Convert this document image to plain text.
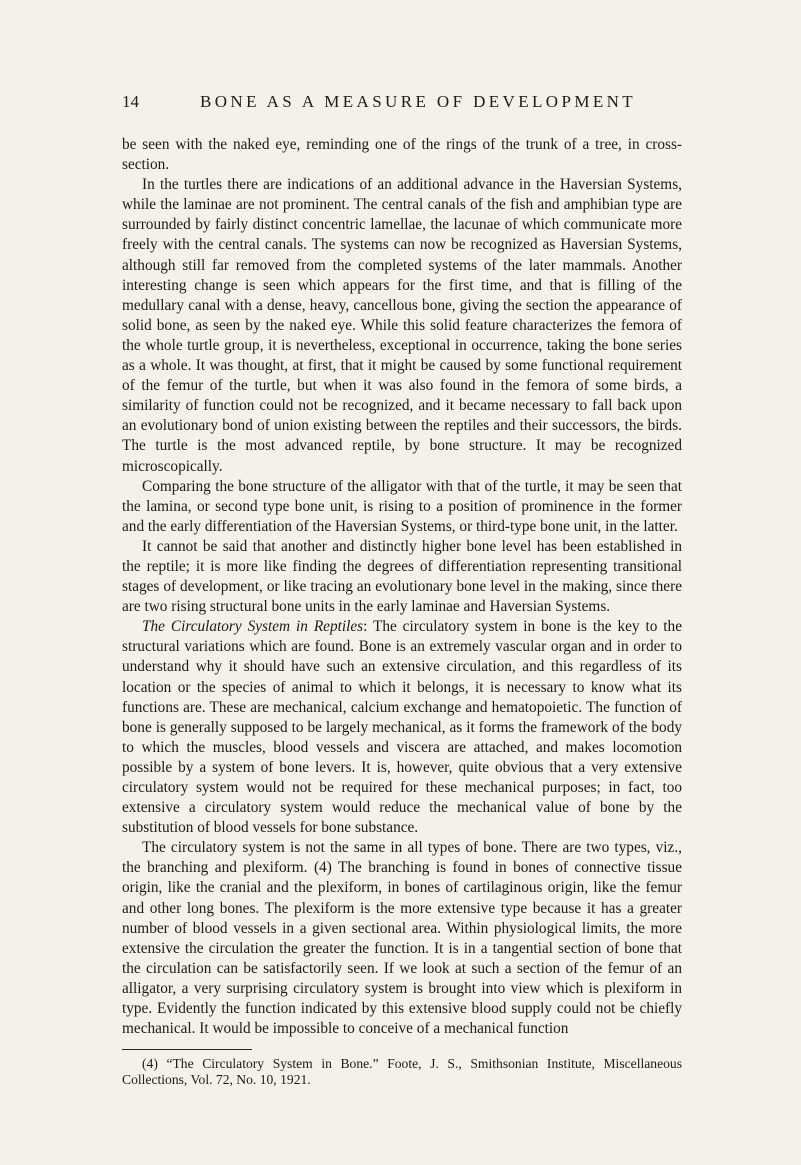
14	BONE AS A MEASURE OF DEVELOPMENT

be seen with the naked eye, reminding one of the rings of the trunk of a tree, in cross-section.

In the turtles there are indications of an additional advance in the Haversian Systems, while the laminae are not prominent. The central canals of the fish and amphibian type are surrounded by fairly distinct concentric lamellae, the lacunae of which communicate more freely with the central canals. The systems can now be recognized as Haversian Systems, although still far removed from the completed systems of the later mammals. Another interesting change is seen which appears for the first time, and that is filling of the medullary canal with a dense, heavy, cancellous bone, giving the section the appearance of solid bone, as seen by the naked eye. While this solid feature characterizes the femora of the whole turtle group, it is nevertheless, exceptional in occurrence, taking the bone series as a whole. It was thought, at first, that it might be caused by some functional requirement of the femur of the turtle, but when it was also found in the femora of some birds, a similarity of function could not be recognized, and it became necessary to fall back upon an evolutionary bond of union existing between the reptiles and their successors, the birds. The turtle is the most advanced reptile, by bone structure. It may be recognized microscopically.

Comparing the bone structure of the alligator with that of the turtle, it may be seen that the lamina, or second type bone unit, is rising to a position of prominence in the former and the early differentiation of the Haversian Systems, or third-type bone unit, in the latter.

It cannot be said that another and distinctly higher bone level has been established in the reptile; it is more like finding the degrees of differentiation representing transitional stages of development, or like tracing an evolutionary bone level in the making, since there are two rising structural bone units in the early laminae and Haversian Systems.

The Circulatory System in Reptiles: The circulatory system in bone is the key to the structural variations which are found. Bone is an extremely vascular organ and in order to understand why it should have such an extensive circulation, and this regardless of its location or the species of animal to which it belongs, it is necessary to know what its functions are. These are mechanical, calcium exchange and hematopoietic. The function of bone is generally supposed to be largely mechanical, as it forms the framework of the body to which the muscles, blood vessels and viscera are attached, and makes locomotion possible by a system of bone levers. It is, however, quite obvious that a very extensive circulatory system would not be required for these mechanical purposes; in fact, too extensive a circulatory system would reduce the mechanical value of bone by the substitution of blood vessels for bone substance.

The circulatory system is not the same in all types of bone. There are two types, viz., the branching and plexiform. (4) The branching is found in bones of connective tissue origin, like the cranial and the plexiform, in bones of cartilaginous origin, like the femur and other long bones. The plexiform is the more extensive type because it has a greater number of blood vessels in a given sectional area. Within physiological limits, the more extensive the circulation the greater the function. It is in a tangential section of bone that the circulation can be satisfactorily seen. If we look at such a section of the femur of an alligator, a very surprising circulatory system is brought into view which is plexiform in type. Evidently the function indicated by this extensive blood supply could not be chiefly mechanical. It would be impossible to conceive of a mechanical function

(4) “The Circulatory System in Bone.” Foote, J. S., Smithsonian Institute, Miscellaneous Collections, Vol. 72, No. 10, 1921.
